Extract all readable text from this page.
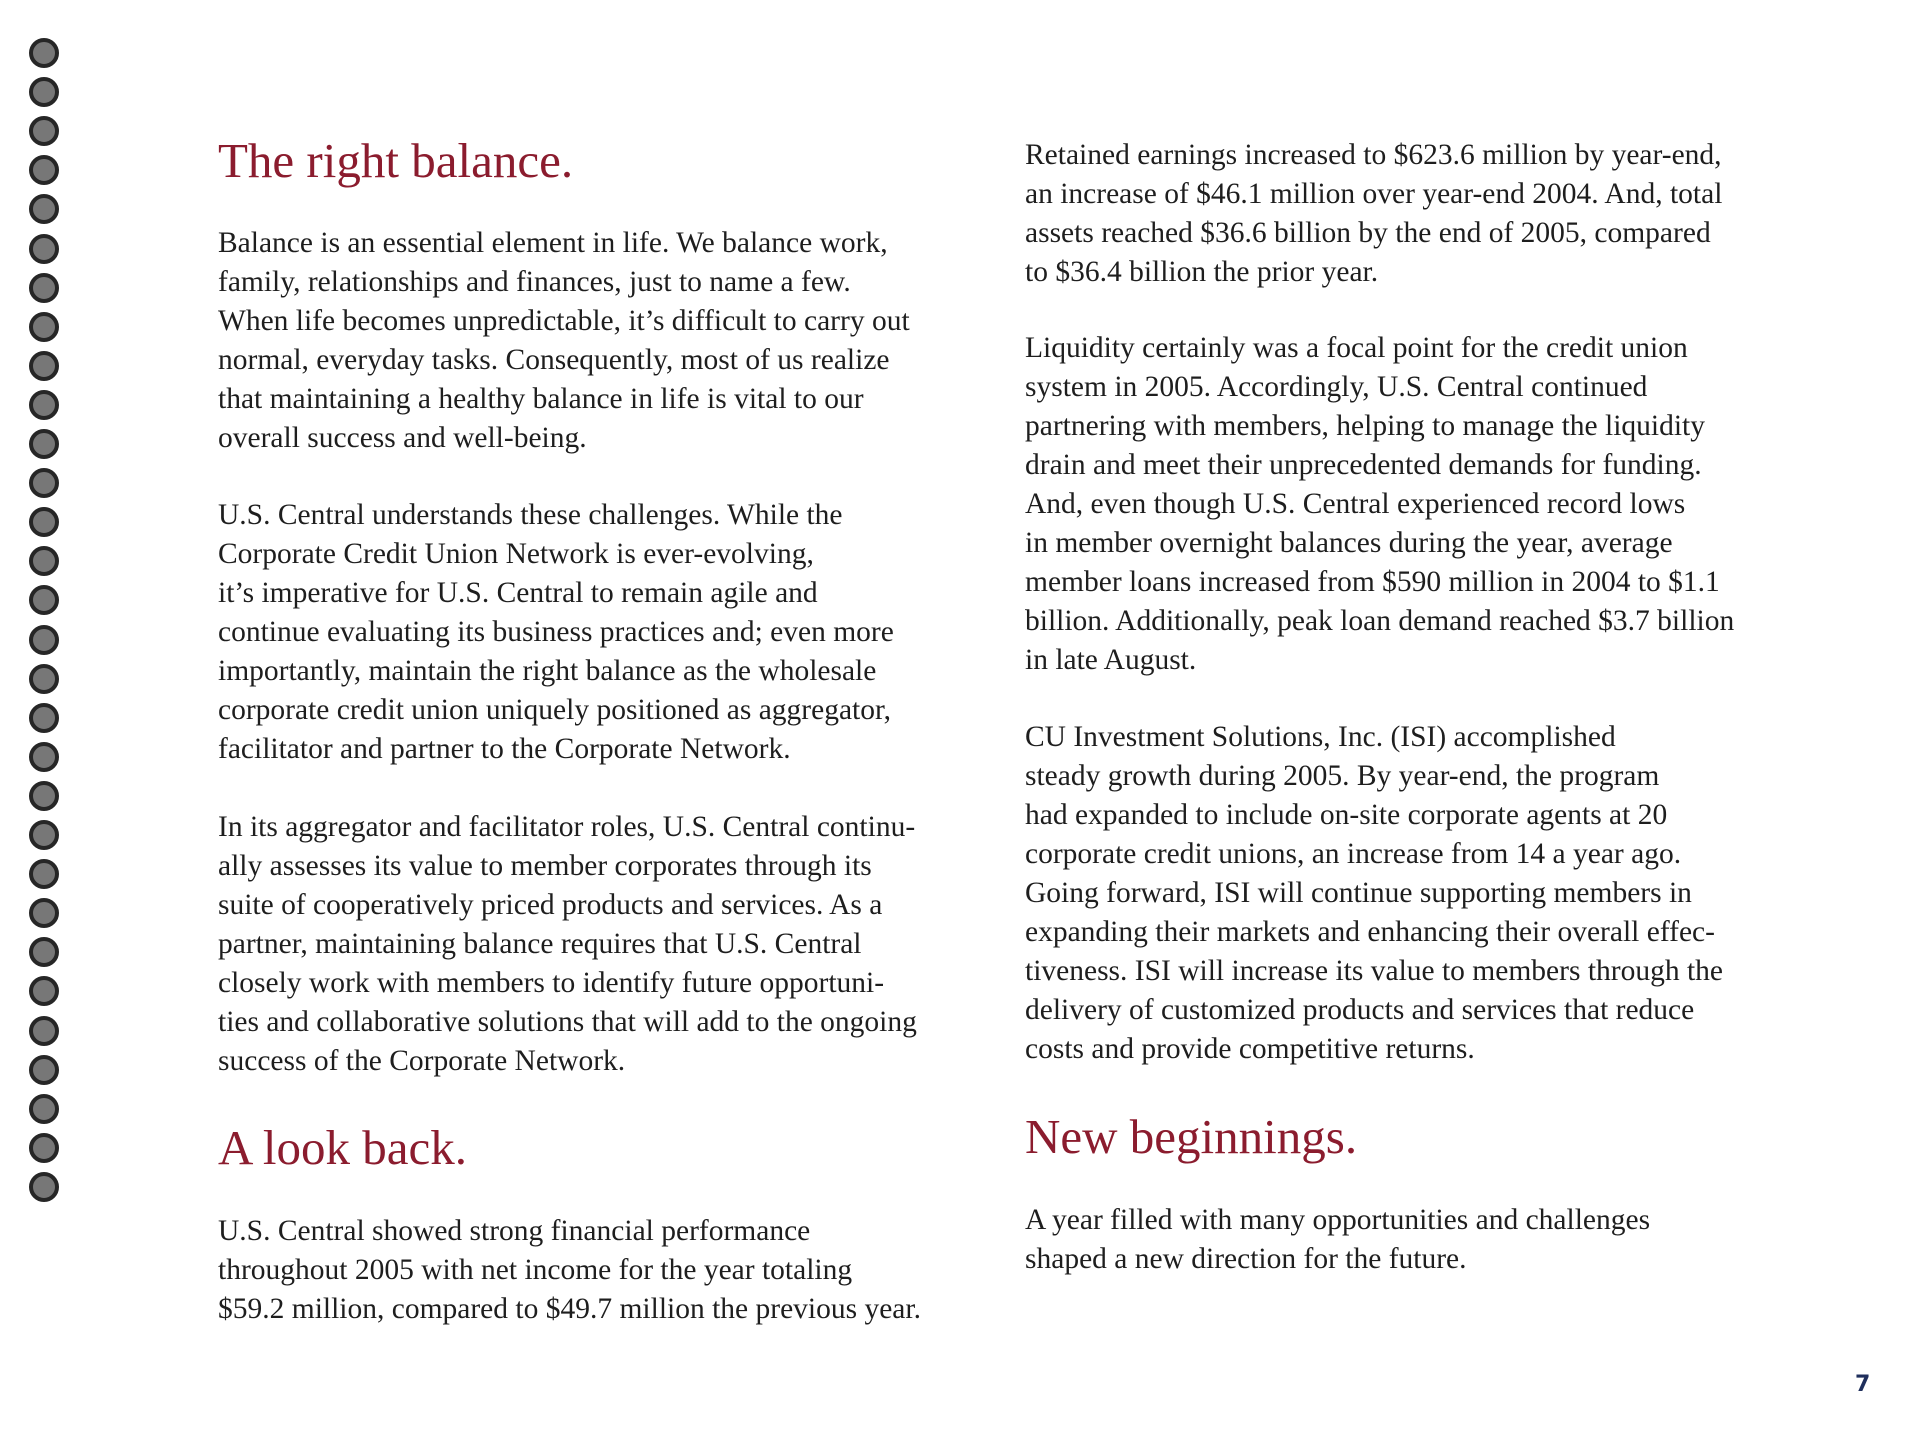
The right balance.
Balance is an essential element in life. We balance work,
family, relationships and finances, just to name a few.
When life becomes unpredictable, it’s difficult to carry out
normal, everyday tasks. Consequently, most of us realize
that maintaining a healthy balance in life is vital to our
overall success and well-being.
U.S. Central understands these challenges. While the
Corporate Credit Union Network is ever-evolving,
it’s imperative for U.S. Central to remain agile and
continue evaluating its business practices and; even more
importantly, maintain the right balance as the wholesale
corporate credit union uniquely positioned as aggregator,
facilitator and partner to the Corporate Network.
In its aggregator and facilitator roles, U.S. Central continu-
ally assesses its value to member corporates through its
suite of cooperatively priced products and services. As a
partner, maintaining balance requires that U.S. Central
closely work with members to identify future opportuni-
ties and collaborative solutions that will add to the ongoing
success of the Corporate Network.
A look back.
U.S. Central showed strong financial performance
throughout 2005 with net income for the year totaling
$59.2 million, compared to $49.7 million the previous year.
Retained earnings increased to $623.6 million by year-end,
an increase of $46.1 million over year-end 2004. And, total
assets reached $36.6 billion by the end of 2005, compared
to $36.4 billion the prior year.
Liquidity certainly was a focal point for the credit union
system in 2005. Accordingly, U.S. Central continued
partnering with members, helping to manage the liquidity
drain and meet their unprecedented demands for funding.
And, even though U.S. Central experienced record lows
in member overnight balances during the year, average
member loans increased from $590 million in 2004 to $1.1
billion. Additionally, peak loan demand reached $3.7 billion
in late August.
CU Investment Solutions, Inc. (ISI) accomplished
steady growth during 2005. By year-end, the program
had expanded to include on-site corporate agents at 20
corporate credit unions, an increase from 14 a year ago.
Going forward, ISI will continue supporting members in
expanding their markets and enhancing their overall effec-
tiveness. ISI will increase its value to members through the
delivery of customized products and services that reduce
costs and provide competitive returns.
New beginnings.
A year filled with many opportunities and challenges
shaped a new direction for the future.
7
